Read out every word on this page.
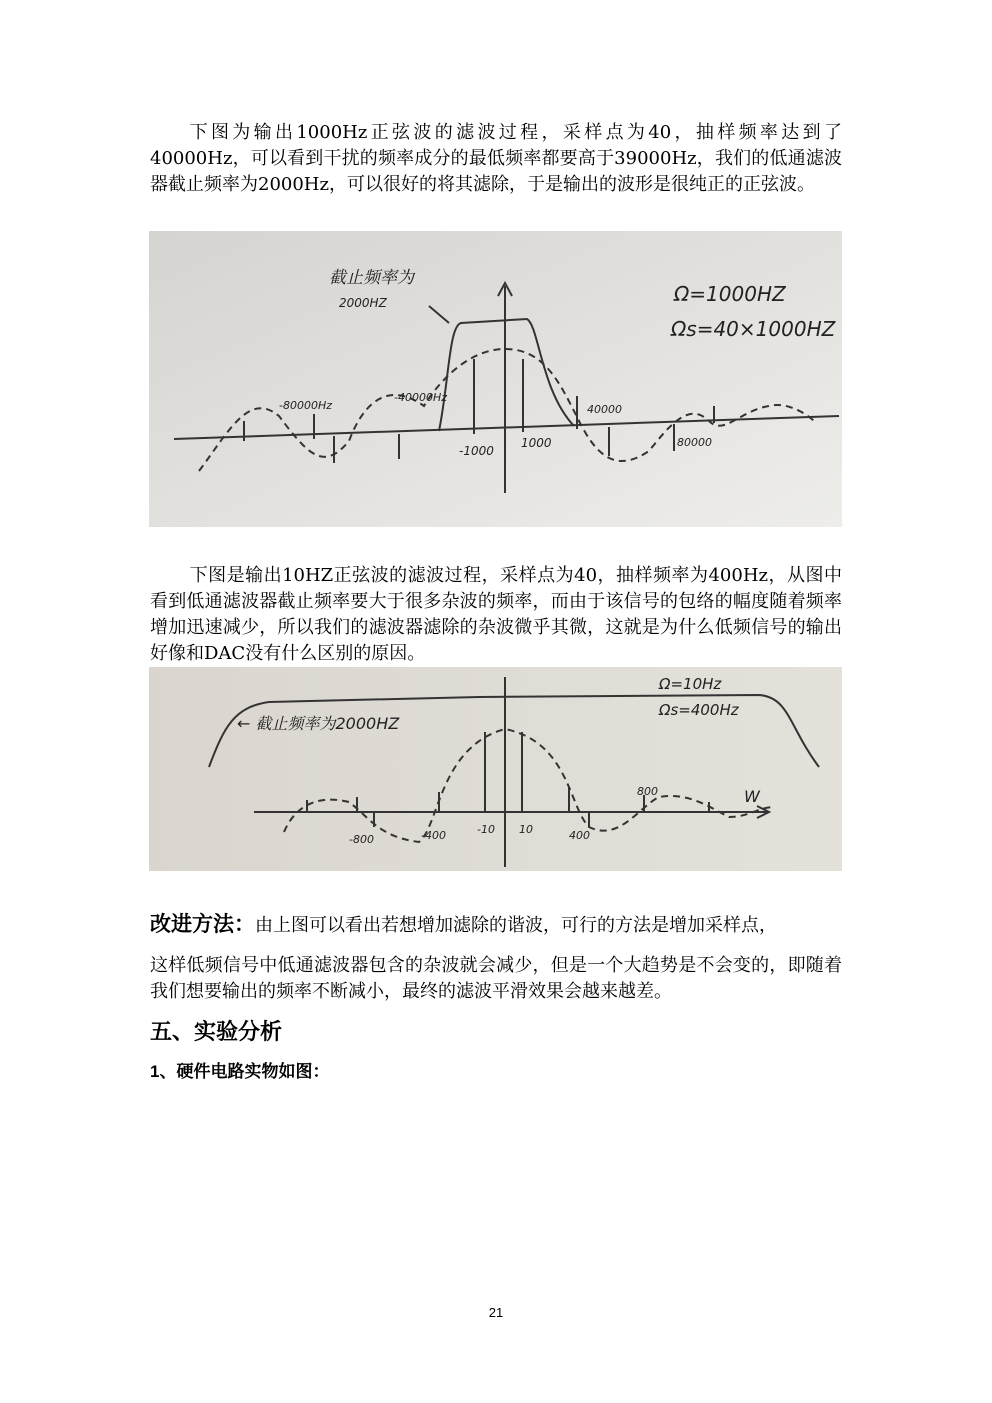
下图为输出1000Hz正弦波的滤波过程，采样点为40，抽样频率达到了40000Hz，可以看到干扰的频率成分的最低频率都要高于39000Hz，我们的低通滤波器截止频率为2000Hz，可以很好的将其滤除，于是输出的波形是很纯正的正弦波。

截止频率为
2000HZ	Ω=1000HZ
Ωs=40×1000HZ
-80000Hz
-40000Hz
-1000
1000
40000
80000

下图是输出10HZ正弦波的滤波过程，采样点为40，抽样频率为400Hz，从图中看到低通滤波器截止频率要大于很多杂波的频率，而由于该信号的包络的幅度随着频率增加迅速减少，所以我们的滤波器滤除的杂波微乎其微，这就是为什么低频信号的输出好像和DAC没有什么区别的原因。

← 截止频率为2000HZ
Ω=10Hz
Ωs=400Hz
-800	-400	-10 10	400
800	W

改进方法：由上图可以看出若想增加滤除的谐波，可行的方法是增加采样点，

这样低频信号中低通滤波器包含的杂波就会减少，但是一个大趋势是不会变的，即随着我们想要输出的频率不断减小，最终的滤波平滑效果会越来越差。

五、实验分析
1、硬件电路实物如图：
21
